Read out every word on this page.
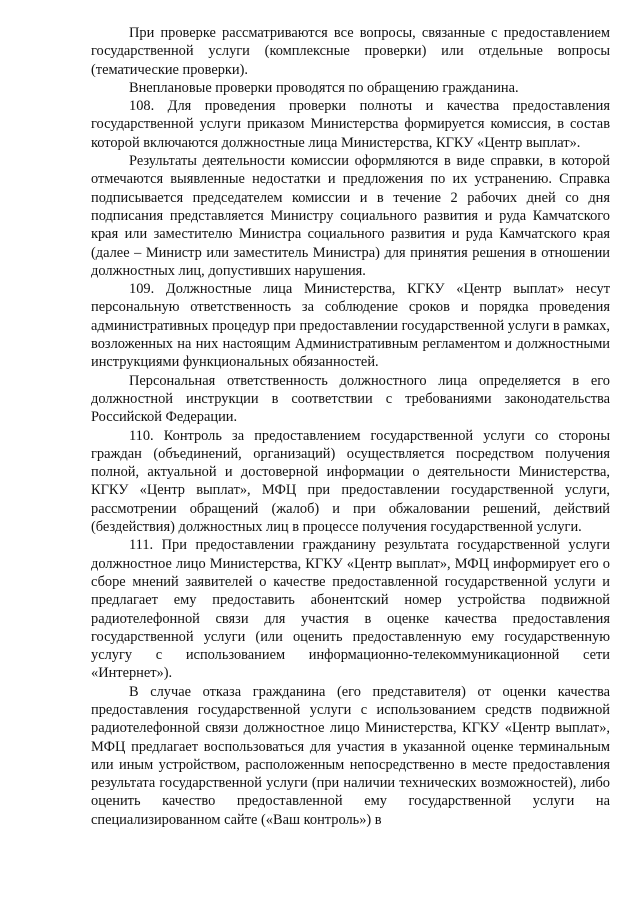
При проверке рассматриваются все вопросы, связанные с предоставлением государственной услуги (комплексные проверки) или отдельные вопросы (тематические проверки).

Внеплановые проверки проводятся по обращению гражданина.

108. Для проведения проверки полноты и качества предоставления государственной услуги приказом Министерства формируется комиссия, в состав которой включаются должностные лица Министерства, КГКУ «Центр выплат».

Результаты деятельности комиссии оформляются в виде справки, в которой отмечаются выявленные недостатки и предложения по их устранению. Справка подписывается председателем комиссии и в течение 2 рабочих дней со дня подписания представляется Министру социального развития и руда Камчатского края или заместителю Министра социального развития и руда Камчатского края (далее – Министр или заместитель Министра) для принятия решения в отношении должностных лиц, допустивших нарушения.

109. Должностные лица Министерства, КГКУ «Центр выплат» несут персональную ответственность за соблюдение сроков и порядка проведения административных процедур при предоставлении государственной услуги в рамках, возложенных на них настоящим Административным регламентом и должностными инструкциями функциональных обязанностей.

Персональная ответственность должностного лица определяется в его должностной инструкции в соответствии с требованиями законодательства Российской Федерации.

110. Контроль за предоставлением государственной услуги со стороны граждан (объединений, организаций) осуществляется посредством получения полной, актуальной и достоверной информации о деятельности Министерства, КГКУ «Центр выплат», МФЦ при предоставлении государственной услуги, рассмотрении обращений (жалоб) и при обжаловании решений, действий (бездействия) должностных лиц в процессе получения государственной услуги.

111. При предоставлении гражданину результата государственной услуги должностное лицо Министерства, КГКУ «Центр выплат», МФЦ информирует его о сборе мнений заявителей о качестве предоставленной государственной услуги и предлагает ему предоставить абонентский номер устройства подвижной радиотелефонной связи для участия в оценке качества предоставления государственной услуги (или оценить предоставленную ему государственную услугу с использованием информационно-телекоммуникационной сети «Интернет»).

В случае отказа гражданина (его представителя) от оценки качества предоставления государственной услуги с использованием средств подвижной радиотелефонной связи должностное лицо Министерства, КГКУ «Центр выплат», МФЦ предлагает воспользоваться для участия в указанной оценке терминальным или иным устройством, расположенным непосредственно в месте предоставления результата государственной услуги (при наличии технических возможностей), либо оценить качество предоставленной ему государственной услуги на специализированном сайте («Ваш контроль») в
